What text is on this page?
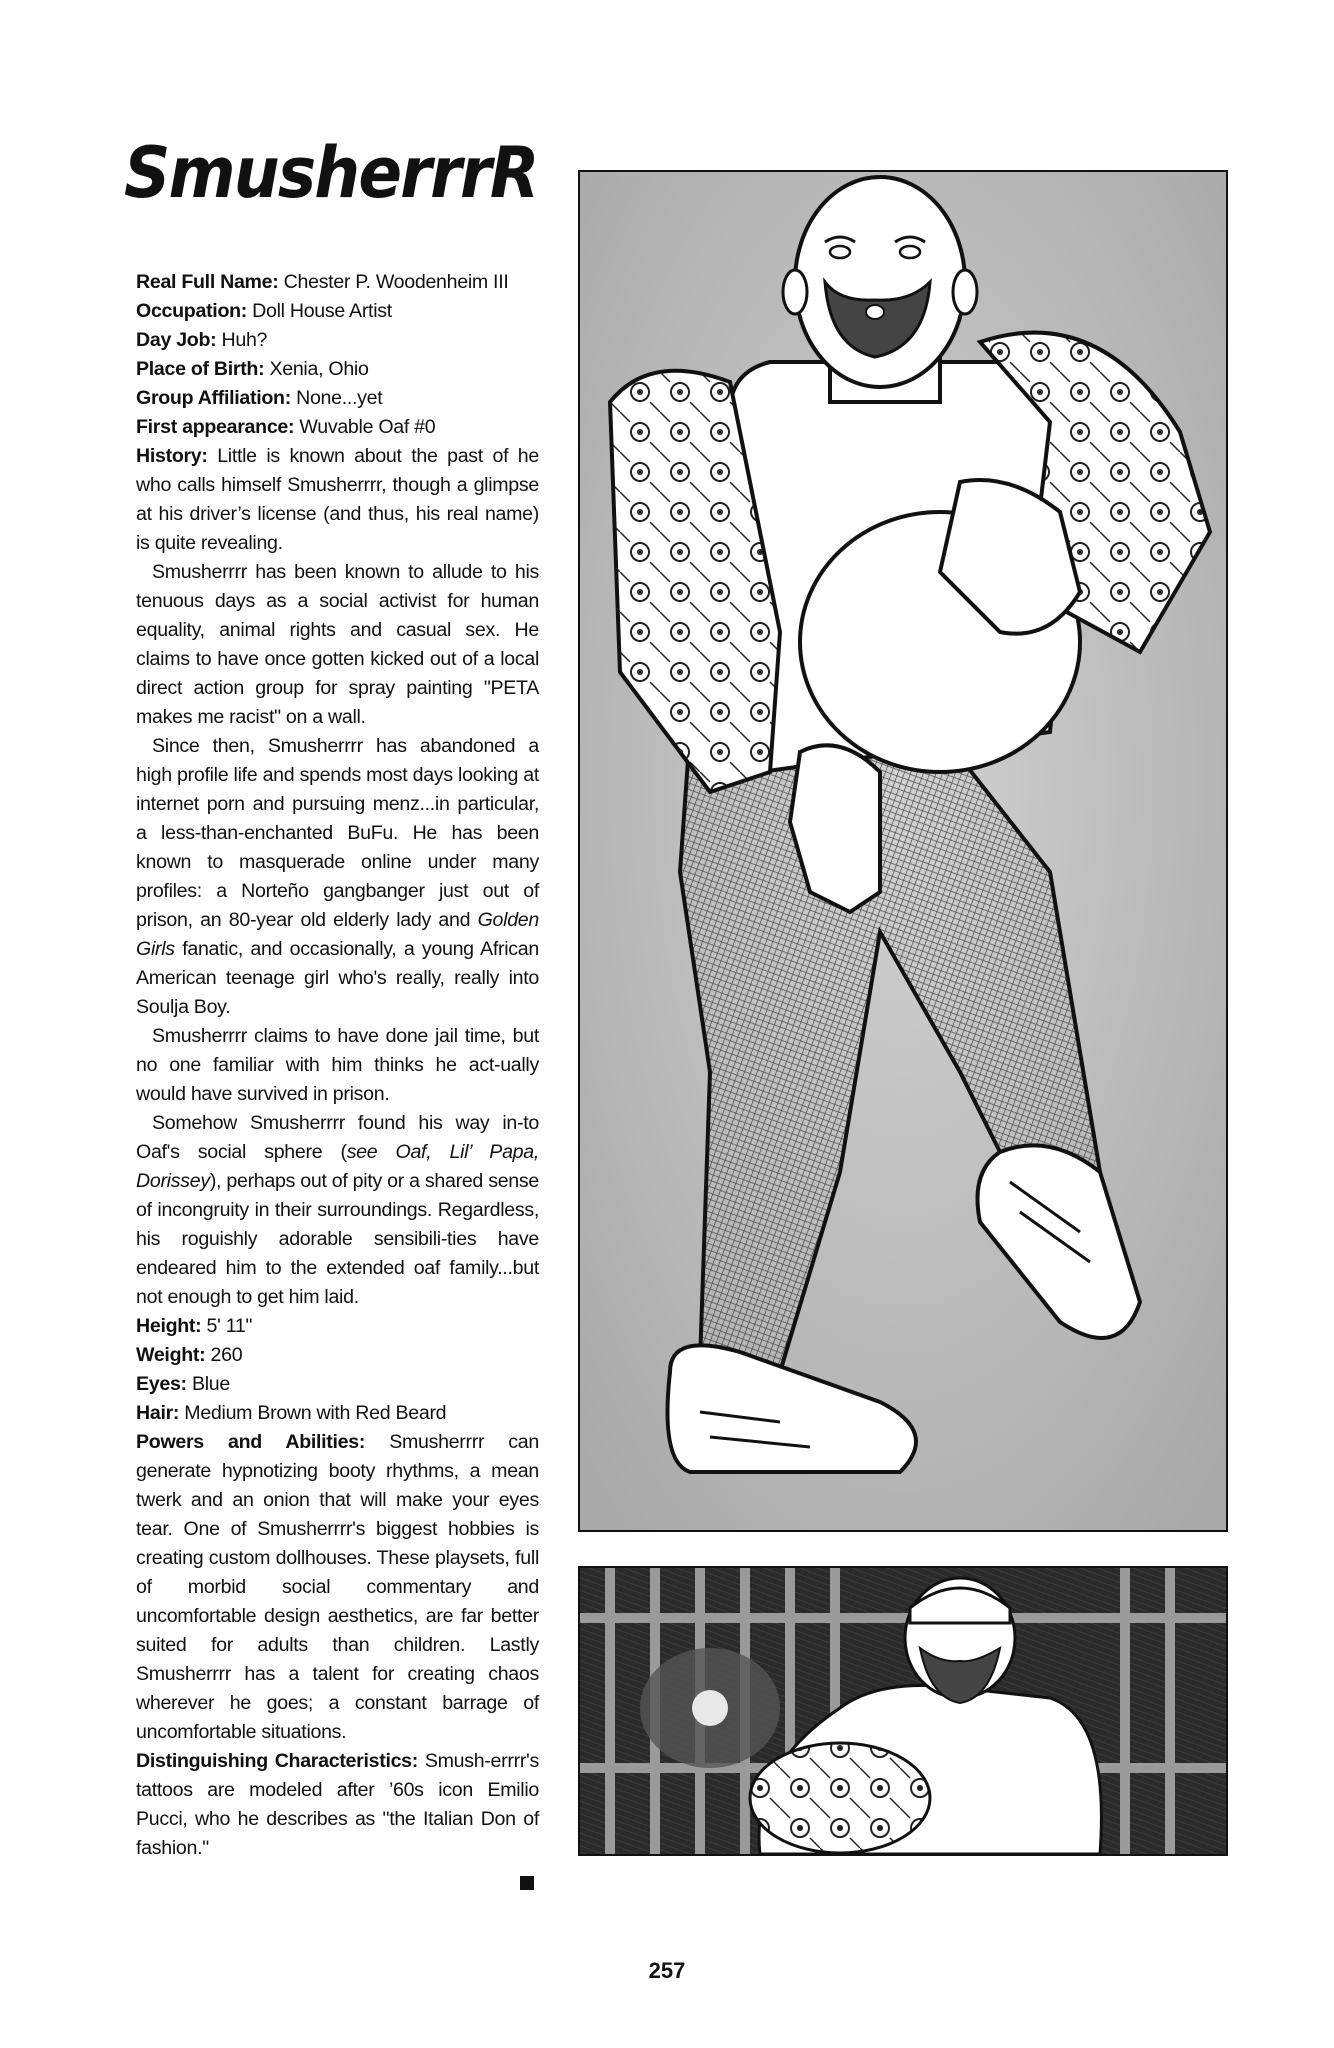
SmusherrrR

Real Full Name: Chester P. Woodenheim III

Occupation: Doll House Artist

Day Job: Huh?

Place of Birth: Xenia, Ohio

Group Affiliation: None...yet

First appearance: Wuvable Oaf #0

History: Little is known about the past of he who calls himself Smusherrrr, though a glimpse at his driver’s license (and thus, his real name) is quite revealing.

Smusherrrr has been known to allude to his tenuous days as a social activist for human equality, animal rights and casual sex. He claims to have once gotten kicked out of a local direct action group for spray painting "PETA makes me racist" on a wall.

Since then, Smusherrrr has abandoned a high profile life and spends most days looking at internet porn and pursuing menz...in particular, a less-than-enchanted BuFu. He has been known to masquerade online under many profiles: a Norteño gangbanger just out of prison, an 80-year old elderly lady and Golden Girls fanatic, and occasionally, a young African American teenage girl who's really, really into Soulja Boy.

Smusherrrr claims to have done jail time, but no one familiar with him thinks he act-ually would have survived in prison.

Somehow Smusherrrr found his way in-to Oaf's social sphere (see Oaf, Lil’ Papa, Dorissey), perhaps out of pity or a shared sense of incongruity in their surroundings. Regardless, his roguishly adorable sensibili-ties have endeared him to the extended oaf family...but not enough to get him laid.

Height: 5' 11"

Weight: 260

Eyes: Blue

Hair: Medium Brown with Red Beard

Powers and Abilities: Smusherrrr can generate hypnotizing booty rhythms, a mean twerk and an onion that will make your eyes tear. One of Smusherrrr's biggest hobbies is creating custom dollhouses. These playsets, full of morbid social commentary and uncomfortable design aesthetics, are far better suited for adults than children. Lastly Smusherrrr has a talent for creating chaos wherever he goes; a constant barrage of uncomfortable situations.

Distinguishing Characteristics: Smush-errrr's tattoos are modeled after ’60s icon Emilio Pucci, who he describes as "the Italian Don of fashion."

257
